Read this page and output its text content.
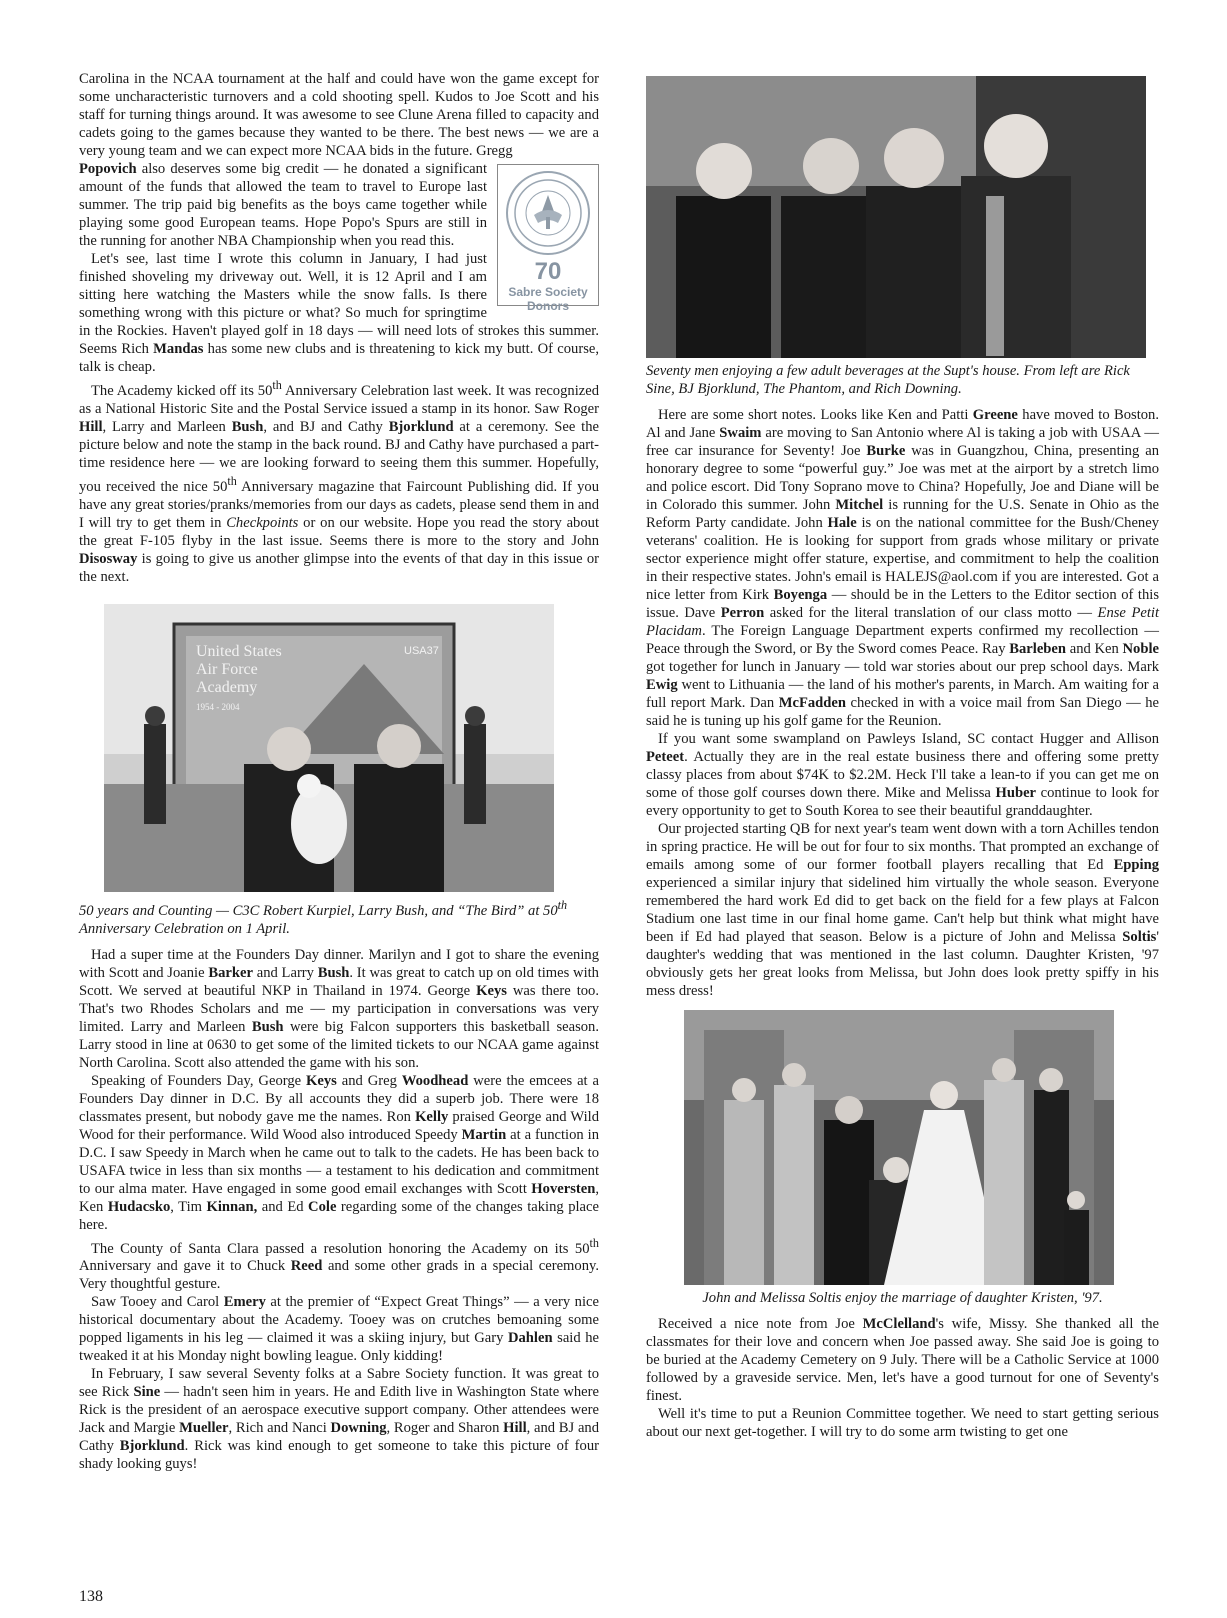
Carolina in the NCAA tournament at the half and could have won the game except for some uncharacteristic turnovers and a cold shooting spell. Kudos to Joe Scott and his staff for turning things around. It was awesome to see Clune Arena filled to capacity and cadets going to the games because they wanted to be there. The best news — we are a very young team and we can expect more NCAA bids in the future. Gregg

70
Sabre Society
Donors
Popovich also deserves some big credit — he donated a significant amount of the funds that allowed the team to travel to Europe last summer. The trip paid big benefits as the boys came together while playing some good European teams. Hope Popo's Spurs are still in the running for another NBA Championship when you read this.

Let's see, last time I wrote this column in January, I had just finished shoveling my driveway out. Well, it is 12 April and I am sitting here watching the Masters while the snow falls. Is there something wrong with this picture or what? So much for springtime in the Rockies. Haven't played golf in 18 days — will need lots of strokes this summer. Seems Rich Mandas has some new clubs and is threatening to kick my butt. Of course, talk is cheap.

The Academy kicked off its 50th Anniversary Celebration last week. It was recognized as a National Historic Site and the Postal Service issued a stamp in its honor. Saw Roger Hill, Larry and Marleen Bush, and BJ and Cathy Bjorklund at a ceremony. See the picture below and note the stamp in the back round. BJ and Cathy have purchased a part-time residence here — we are looking forward to seeing them this summer. Hopefully, you received the nice 50th Anniversary magazine that Faircount Publishing did. If you have any great stories/pranks/memories from our days as cadets, please send them in and I will try to get them in Checkpoints or on our website. Hope you read the story about the great F-105 flyby in the last issue. Seems there is more to the story and John Disosway is going to give us another glimpse into the events of that day in this issue or the next.

United States
Air Force
Academy
1954 - 2004
USA37
50 years and Counting — C3C Robert Kurpiel, Larry Bush, and “The Bird” at 50th Anniversary Celebration on 1 April.

Had a super time at the Founders Day dinner. Marilyn and I got to share the evening with Scott and Joanie Barker and Larry Bush. It was great to catch up on old times with Scott. We served at beautiful NKP in Thailand in 1974. George Keys was there too. That's two Rhodes Scholars and me — my participation in conversations was very limited. Larry and Marleen Bush were big Falcon supporters this basketball season. Larry stood in line at 0630 to get some of the limited tickets to our NCAA game against North Carolina. Scott also attended the game with his son.

Speaking of Founders Day, George Keys and Greg Woodhead were the emcees at a Founders Day dinner in D.C. By all accounts they did a superb job. There were 18 classmates present, but nobody gave me the names. Ron Kelly praised George and Wild Wood for their performance. Wild Wood also introduced Speedy Martin at a function in D.C. I saw Speedy in March when he came out to talk to the cadets. He has been back to USAFA twice in less than six months — a testament to his dedication and commitment to our alma mater. Have engaged in some good email exchanges with Scott Hoversten, Ken Hudacsko, Tim Kinnan, and Ed Cole regarding some of the changes taking place here.

The County of Santa Clara passed a resolution honoring the Academy on its 50th Anniversary and gave it to Chuck Reed and some other grads in a special ceremony. Very thoughtful gesture.

Saw Tooey and Carol Emery at the premier of “Expect Great Things” — a very nice historical documentary about the Academy. Tooey was on crutches bemoaning some popped ligaments in his leg — claimed it was a skiing injury, but Gary Dahlen said he tweaked it at his Monday night bowling league. Only kidding!

In February, I saw several Seventy folks at a Sabre Society function. It was great to see Rick Sine — hadn't seen him in years. He and Edith live in Washington State where Rick is the president of an aerospace executive support company. Other attendees were Jack and Margie Mueller, Rich and Nanci Downing, Roger and Sharon Hill, and BJ and Cathy Bjorklund. Rick was kind enough to get someone to take this picture of four shady looking guys!

Seventy men enjoying a few adult beverages at the Supt's house. From left are Rick Sine, BJ Bjorklund, The Phantom, and Rich Downing.

Here are some short notes. Looks like Ken and Patti Greene have moved to Boston. Al and Jane Swaim are moving to San Antonio where Al is taking a job with USAA — free car insurance for Seventy! Joe Burke was in Guangzhou, China, presenting an honorary degree to some “powerful guy.” Joe was met at the airport by a stretch limo and police escort. Did Tony Soprano move to China? Hopefully, Joe and Diane will be in Colorado this summer. John Mitchel is running for the U.S. Senate in Ohio as the Reform Party candidate. John Hale is on the national committee for the Bush/Cheney veterans' coalition. He is looking for support from grads whose military or private sector experience might offer stature, expertise, and commitment to help the coalition in their respective states. John's email is HALEJS@aol.com if you are interested. Got a nice letter from Kirk Boyenga — should be in the Letters to the Editor section of this issue. Dave Perron asked for the literal translation of our class motto — Ense Petit Placidam. The Foreign Language Department experts confirmed my recollection — Peace through the Sword, or By the Sword comes Peace. Ray Barleben and Ken Noble got together for lunch in January — told war stories about our prep school days. Mark Ewig went to Lithuania — the land of his mother's parents, in March. Am waiting for a full report Mark. Dan McFadden checked in with a voice mail from San Diego — he said he is tuning up his golf game for the Reunion.

If you want some swampland on Pawleys Island, SC contact Hugger and Allison Peteet. Actually they are in the real estate business there and offering some pretty classy places from about $74K to $2.2M. Heck I'll take a lean-to if you can get me on some of those golf courses down there. Mike and Melissa Huber continue to look for every opportunity to get to South Korea to see their beautiful granddaughter.

Our projected starting QB for next year's team went down with a torn Achilles tendon in spring practice. He will be out for four to six months. That prompted an exchange of emails among some of our former football players recalling that Ed Epping experienced a similar injury that sidelined him virtually the whole season. Everyone remembered the hard work Ed did to get back on the field for a few plays at Falcon Stadium one last time in our final home game. Can't help but think what might have been if Ed had played that season. Below is a picture of John and Melissa Soltis' daughter's wedding that was mentioned in the last column. Daughter Kristen, '97 obviously gets her great looks from Melissa, but John does look pretty spiffy in his mess dress!

John and Melissa Soltis enjoy the marriage of daughter Kristen, '97.

Received a nice note from Joe McClelland's wife, Missy. She thanked all the classmates for their love and concern when Joe passed away. She said Joe is going to be buried at the Academy Cemetery on 9 July. There will be a Catholic Service at 1000 followed by a graveside service. Men, let's have a good turnout for one of Seventy's finest.

Well it's time to put a Reunion Committee together. We need to start getting serious about our next get-together. I will try to do some arm twisting to get one

138
